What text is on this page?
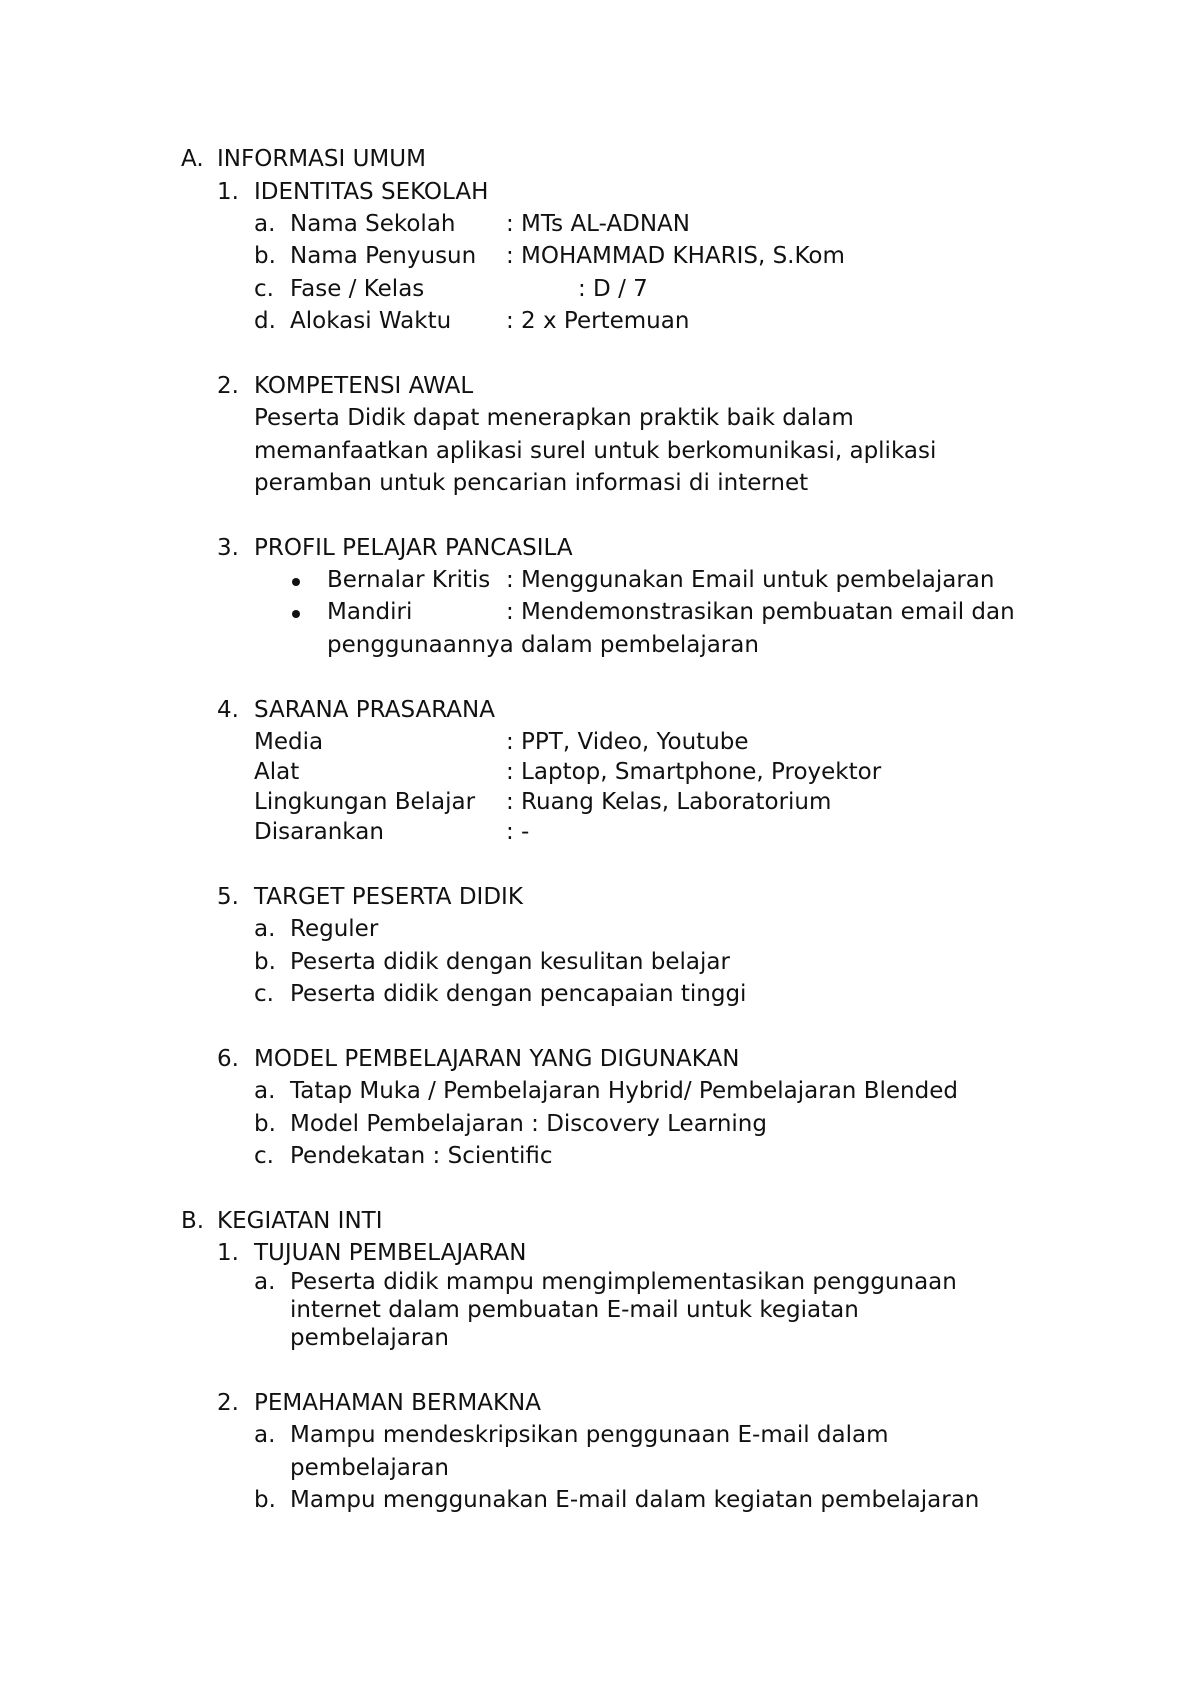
A. INFORMASI UMUM
1. IDENTITAS SEKOLAH
a. Nama Sekolah : MTs AL-ADNAN
b. Nama Penyusun : MOHAMMAD KHARIS, S.Kom
c. Fase / Kelas	: D / 7
d. Alokasi Waktu : 2 x Pertemuan
2. KOMPETENSI AWAL
Peserta Didik dapat menerapkan praktik baik dalam
memanfaatkan aplikasi surel untuk berkomunikasi, aplikasi
peramban untuk pencarian informasi di internet
3. PROFIL PELAJAR PANCASILA
Bernalar Kritis : Menggunakan Email untuk pembelajaran
Mandiri	: Mendemonstrasikan pembuatan email dan
penggunaannya dalam pembelajaran
4. SARANA PRASARANA
Media	: PPT, Video, Youtube
Alat	: Laptop, Smartphone, Proyektor
Lingkungan Belajar : Ruang Kelas, Laboratorium
Disarankan	: -
5. TARGET PESERTA DIDIK
a. Reguler
b. Peserta didik dengan kesulitan belajar
c. Peserta didik dengan pencapaian tinggi
6. MODEL PEMBELAJARAN YANG DIGUNAKAN
a. Tatap Muka / Pembelajaran Hybrid/ Pembelajaran Blended
b. Model Pembelajaran : Discovery Learning
c. Pendekatan : Scientific
B. KEGIATAN INTI
1. TUJUAN PEMBELAJARAN
a. Peserta didik mampu mengimplementasikan penggunaan
internet dalam pembuatan E-mail untuk kegiatan
pembelajaran
2. PEMAHAMAN BERMAKNA
a. Mampu mendeskripsikan penggunaan E-mail dalam
pembelajaran
b. Mampu menggunakan E-mail dalam kegiatan pembelajaran
